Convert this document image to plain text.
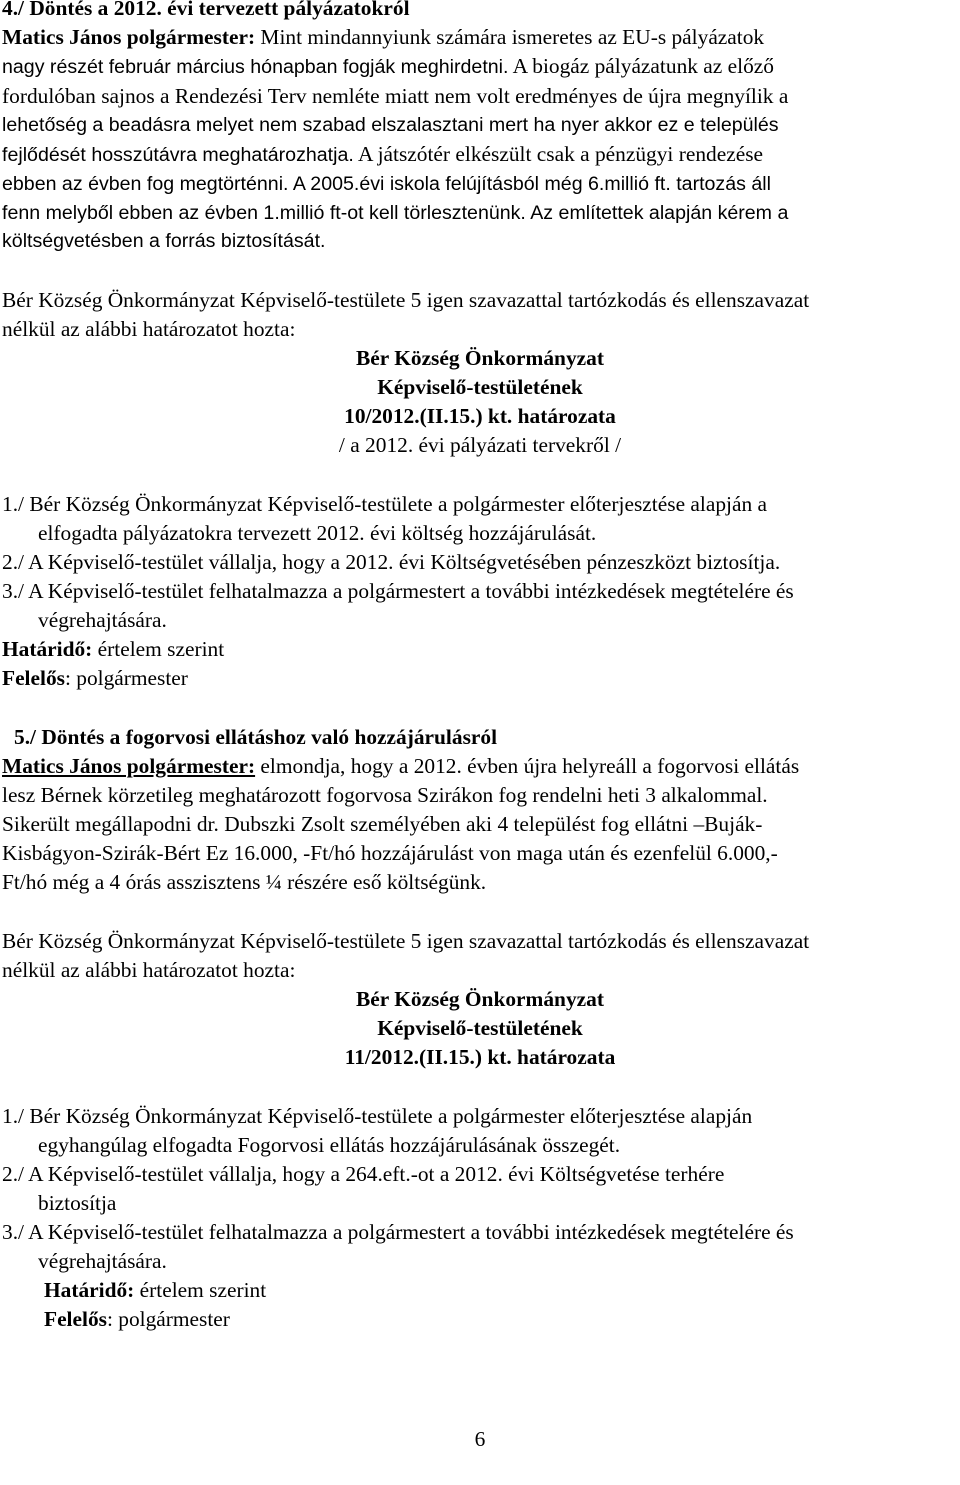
4./ Döntés a 2012. évi tervezett pályázatokról
Matics János polgármester: Mint mindannyiunk számára ismeretes az EU-s pályázatok
nagy részét február március hónapban fogják meghirdetni. A biogáz pályázatunk az előző
fordulóban sajnos a Rendezési Terv nemléte miatt nem volt eredményes de újra megnyílik a
lehetőség a beadásra melyet nem szabad elszalasztani mert ha nyer akkor ez e település
fejlődését hosszútávra meghatározhatja. A játszótér elkészült csak a pénzügyi rendezése
ebben az évben fog megtörténni. A 2005.évi iskola felújításból még 6.millió ft. tartozás áll
fenn melyből ebben az évben 1.millió ft-ot kell törlesztenünk. Az említettek alapján kérem a
költségvetésben a forrás biztosítását.
Bér Község Önkormányzat Képviselő-testülete 5 igen szavazattal tartózkodás és ellenszavazat
nélkül az alábbi határozatot hozta:
Bér Község Önkormányzat
Képviselő-testületének
10/2012.(II.15.) kt. határozata
/ a 2012. évi pályázati tervekről /
1./ Bér Község Önkormányzat Képviselő-testülete a polgármester előterjesztése alapján a
elfogadta pályázatokra tervezett 2012. évi költség hozzájárulását.
2./ A Képviselő-testület vállalja, hogy a 2012. évi Költségvetésében pénzeszközt biztosítja.
3./ A Képviselő-testület felhatalmazza a polgármestert a további intézkedések megtételére és
végrehajtására.
Határidő: értelem szerint
Felelős: polgármester
5./ Döntés a fogorvosi ellátáshoz való hozzájárulásról
Matics János polgármester: elmondja, hogy a 2012. évben újra helyreáll a fogorvosi ellátás
lesz Bérnek körzetileg meghatározott fogorvosa Szirákon fog rendelni heti 3 alkalommal.
Sikerült megállapodni dr. Dubszki Zsolt személyében aki 4 települést fog ellátni –Buják-
Kisbágyon-Szirák-Bért Ez 16.000, -Ft/hó hozzájárulást von maga után és ezenfelül 6.000,-
Ft/hó még a 4 órás asszisztens ¼ részére eső költségünk.
Bér Község Önkormányzat Képviselő-testülete 5 igen szavazattal tartózkodás és ellenszavazat
nélkül az alábbi határozatot hozta:
Bér Község Önkormányzat
Képviselő-testületének
11/2012.(II.15.) kt. határozata
1./ Bér Község Önkormányzat Képviselő-testülete a polgármester előterjesztése alapján
egyhangúlag elfogadta Fogorvosi ellátás hozzájárulásának összegét.
2./ A Képviselő-testület vállalja, hogy a 264.eft.-ot a 2012. évi Költségvetése terhére
biztosítja
3./ A Képviselő-testület felhatalmazza a polgármestert a további intézkedések megtételére és
végrehajtására.
Határidő: értelem szerint
Felelős: polgármester
6
